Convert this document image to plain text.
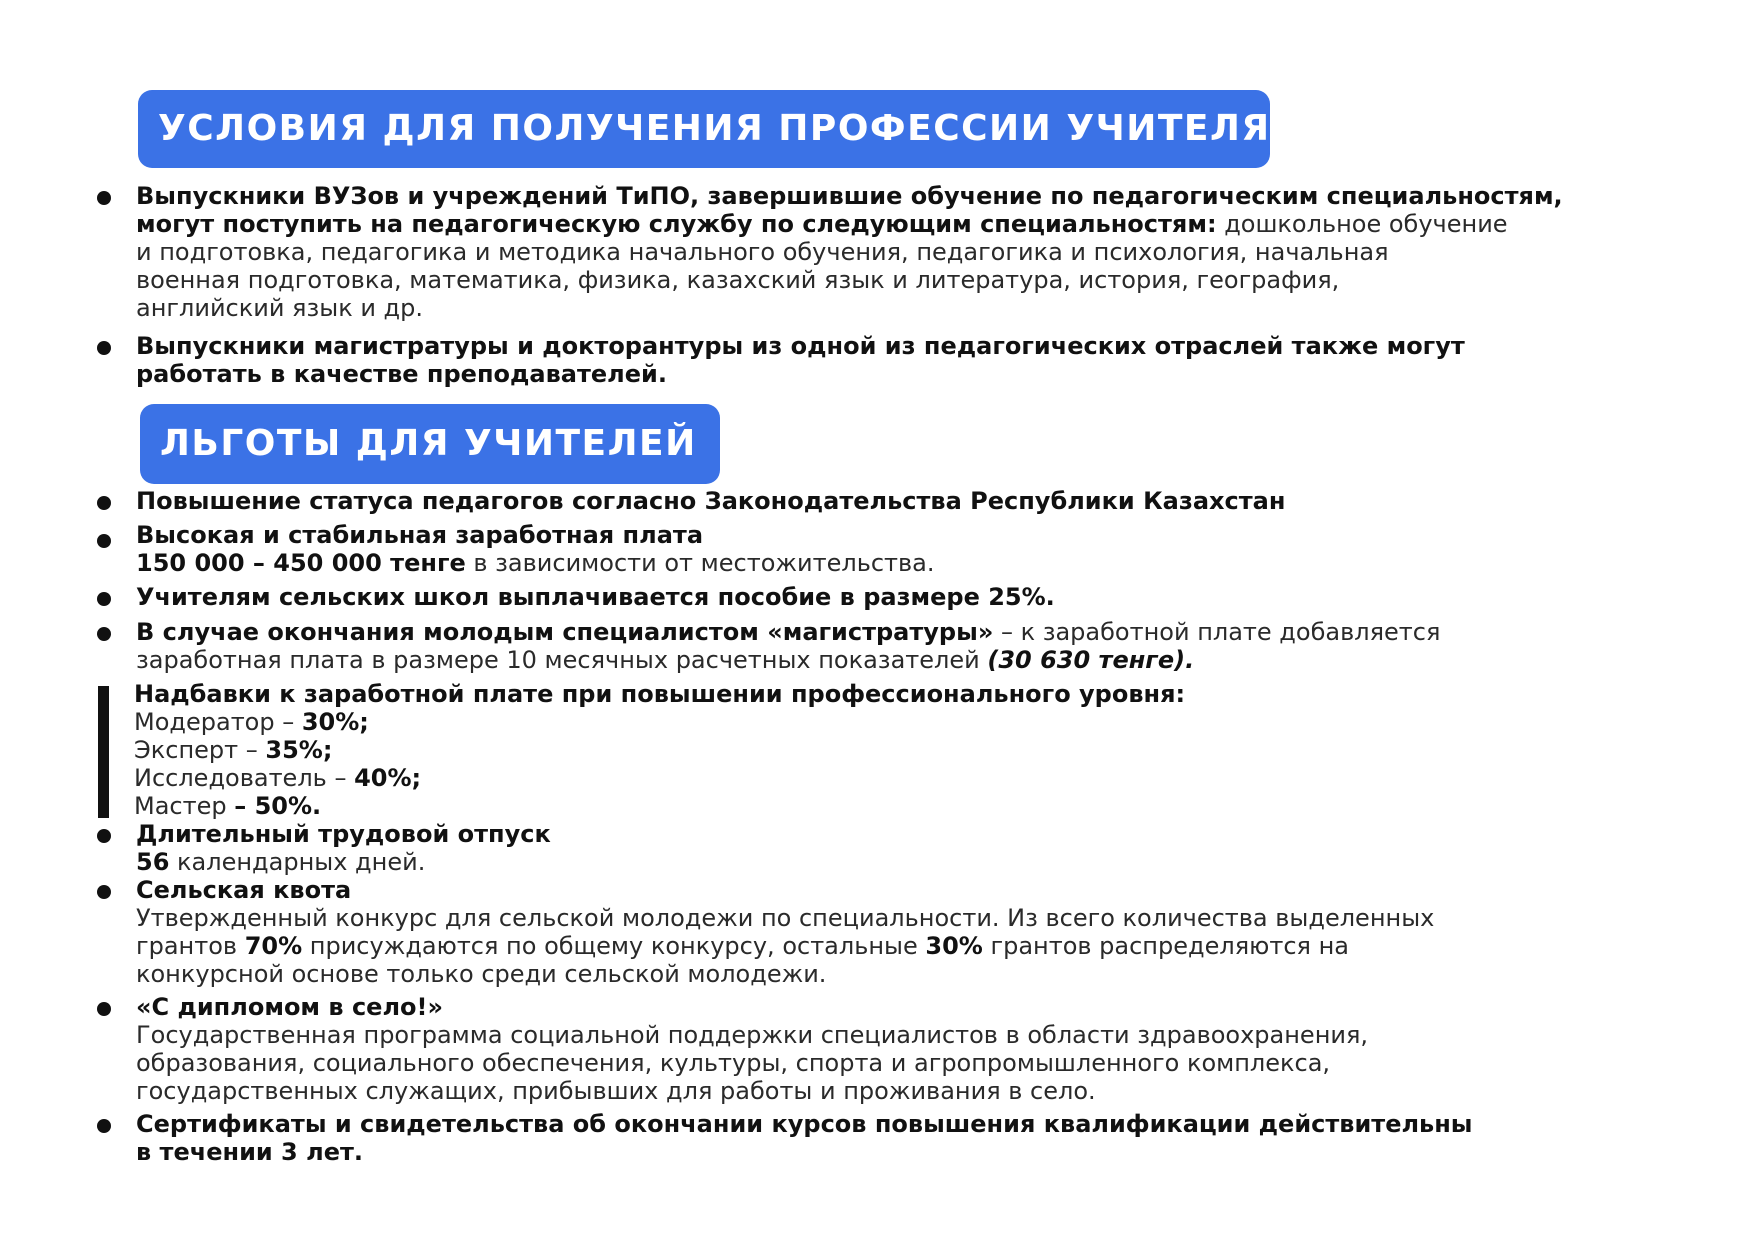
УСЛОВИЯ ДЛЯ ПОЛУЧЕНИЯ ПРОФЕССИИ УЧИТЕЛЯ
Выпускники ВУЗов и учреждений ТиПО, завершившие обучение по педагогическим специальностям,
могут поступить на педагогическую службу по следующим специальностям: дошкольное обучение
и подготовка, педагогика и методика начального обучения, педагогика и психология, начальная
военная подготовка, математика, физика, казахский язык и литература, история, география,
английский язык и др.
Выпускники магистратуры и докторантуры из одной из педагогических отраслей также могут
работать в качестве преподавателей.
ЛЬГОТЫ ДЛЯ УЧИТЕЛЕЙ
Повышение статуса педагогов согласно Законодательства Республики Казахстан
Высокая и стабильная заработная плата
150 000 – 450 000 тенге в зависимости от местожительства.
Учителям сельских школ выплачивается пособие в размере 25%.
В случае окончания молодым специалистом «магистратуры» – к заработной плате добавляется
заработная плата в размере 10 месячных расчетных показателей (30 630 тенге).
Надбавки к заработной плате при повышении профессионального уровня:
Модератор – 30%;
Эксперт – 35%;
Исследователь – 40%;
Мастер – 50%.
Длительный трудовой отпуск
56 календарных дней.
Сельская квота
Утвержденный конкурс для сельской молодежи по специальности. Из всего количества выделенных
грантов 70% присуждаются по общему конкурсу, остальные 30% грантов распределяются на
конкурсной основе только среди сельской молодежи.
«С дипломом в село!»
Государственная программа социальной поддержки специалистов в области здравоохранения,
образования, социального обеспечения, культуры, спорта и агропромышленного комплекса,
государственных служащих, прибывших для работы и проживания в село.
Сертификаты и свидетельства об окончании курсов повышения квалификации действительны
в течении 3 лет.
